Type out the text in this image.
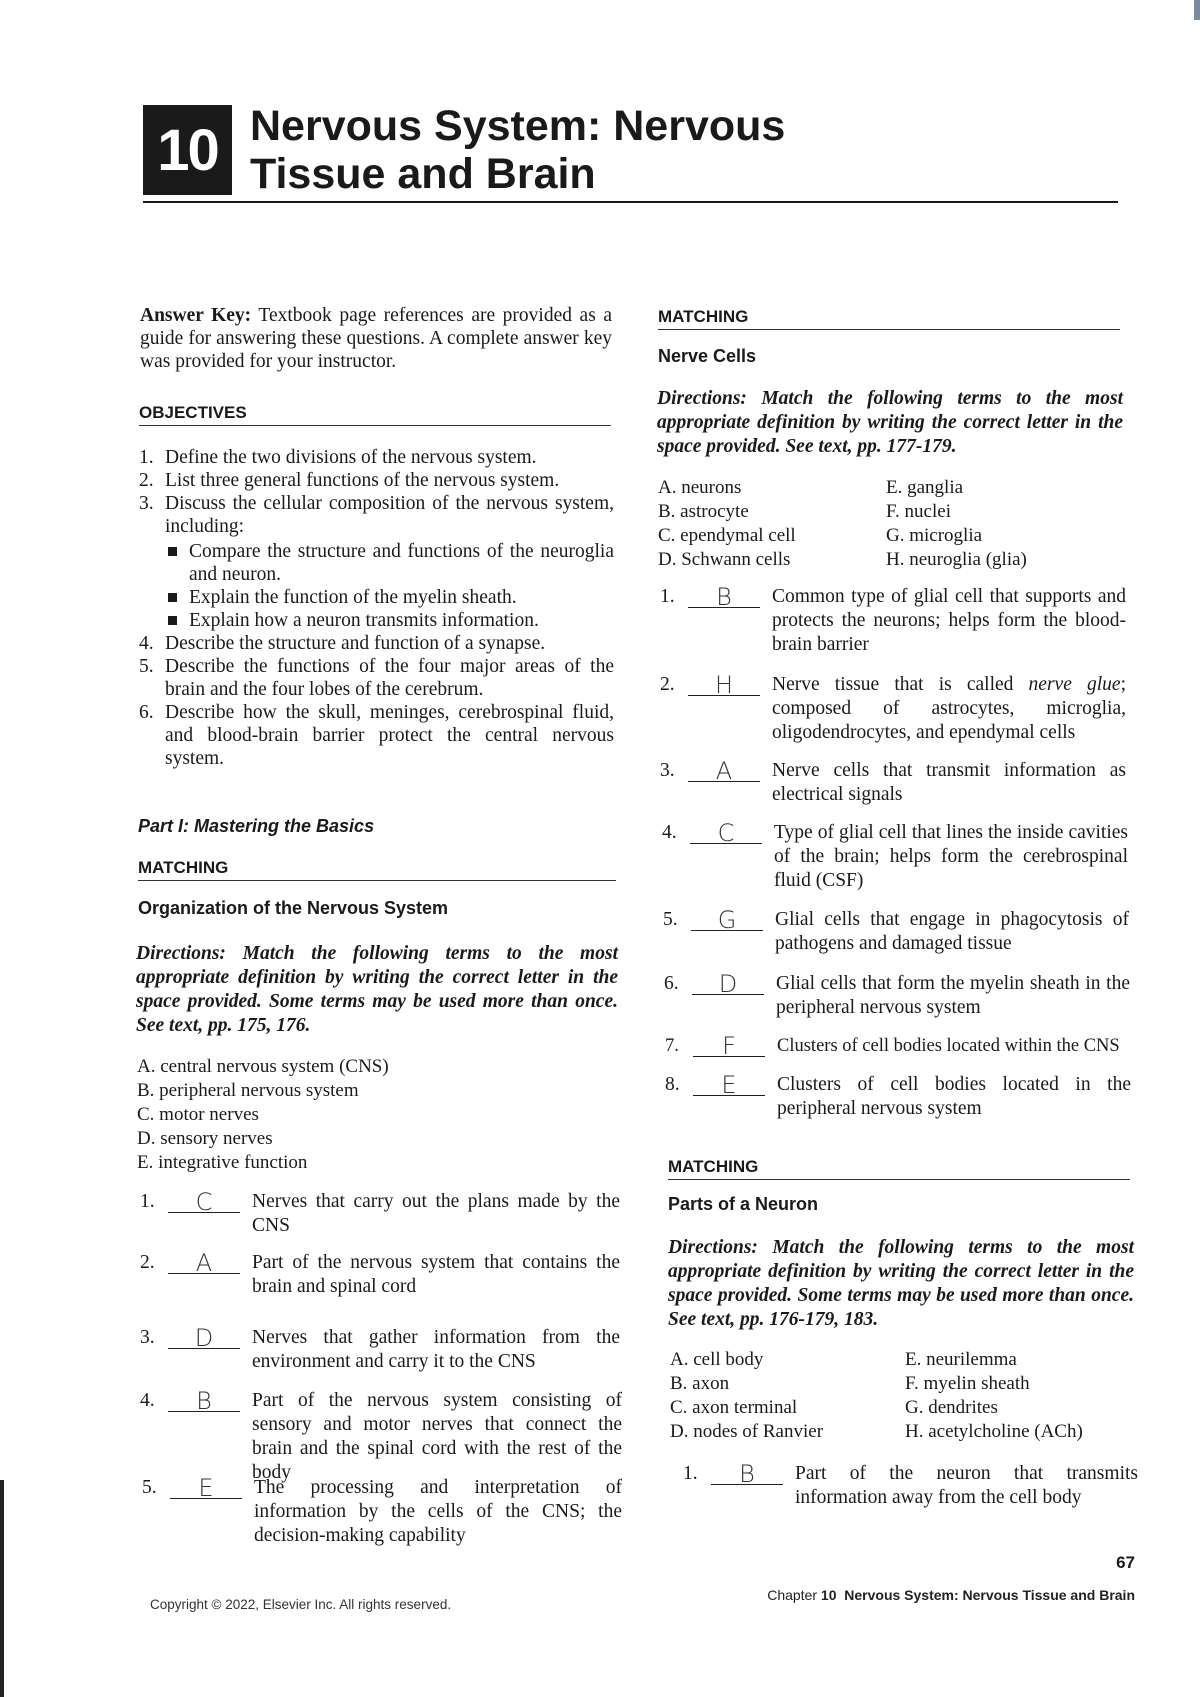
10 Nervous System: Nervous
Tissue and Brain
Answer Key: Textbook page references are provided as a guide for answering these questions. A complete answer key was provided for your instructor.
OBJECTIVES
1. Define the two divisions of the nervous system.
2. List three general functions of the nervous system.
3. Discuss the cellular composition of the nervous system, including:
Compare the structure and functions of the neuroglia and neuron.
Explain the function of the myelin sheath.
Explain how a neuron transmits information.
4. Describe the structure and function of a synapse.
5. Describe the functions of the four major areas of the brain and the four lobes of the cerebrum.
6. Describe how the skull, meninges, cerebrospinal fluid, and blood-brain barrier protect the central nervous system.
Part I: Mastering the Basics
MATCHING
Organization of the Nervous System
Directions: Match the following terms to the most appropriate definition by writing the correct letter in the space provided. Some terms may be used more than once. See text, pp. 175, 176.
A. central nervous system (CNS)
B. peripheral nervous system
C. motor nerves
D. sensory nerves
E. integrative function
1.	C	Nerves that carry out the plans made by the CNS
2.	A	Part of the nervous system that contains the brain and spinal cord
3.	D	Nerves that gather information from the environment and carry it to the CNS
4.	B	Part of the nervous system consisting of sensory and motor nerves that connect the brain and the spinal cord with the rest of the body
5.	E	The processing and interpretation of information by the cells of the CNS; the decision-making capability
MATCHING
Nerve Cells
Directions: Match the following terms to the most appropriate definition by writing the correct letter in the space provided. See text, pp. 177-179.
A. neurons	E. ganglia
B. astrocyte	F. nuclei
C. ependymal cell	G. microglia
D. Schwann cells	H. neuroglia (glia)
1.	B	Common type of glial cell that supports and protects the neurons; helps form the blood-brain barrier
2.	H	Nerve tissue that is called nerve glue; composed of astrocytes, microglia, oligodendrocytes, and ependymal cells
3.	A	Nerve cells that transmit information as electrical signals
4.	C	Type of glial cell that lines the inside cavities of the brain; helps form the cerebrospinal fluid (CSF)
5.	G	Glial cells that engage in phagocytosis of pathogens and damaged tissue
6.	D	Glial cells that form the myelin sheath in the peripheral nervous system
7.	F	Clusters of cell bodies located within the CNS
8.	E	Clusters of cell bodies located in the peripheral nervous system
MATCHING
Parts of a Neuron
Directions: Match the following terms to the most appropriate definition by writing the correct letter in the space provided. Some terms may be used more than once. See text, pp. 176-179, 183.
A. cell body	E. neurilemma
B. axon	F. myelin sheath
C. axon terminal	G. dendrites
D. nodes of Ranvier	H. acetylcholine (ACh)
1.	B	Part of the neuron that transmits information away from the cell body
67
Copyright © 2022, Elsevier Inc. All rights reserved.
Chapter 10 Nervous System: Nervous Tissue and Brain
